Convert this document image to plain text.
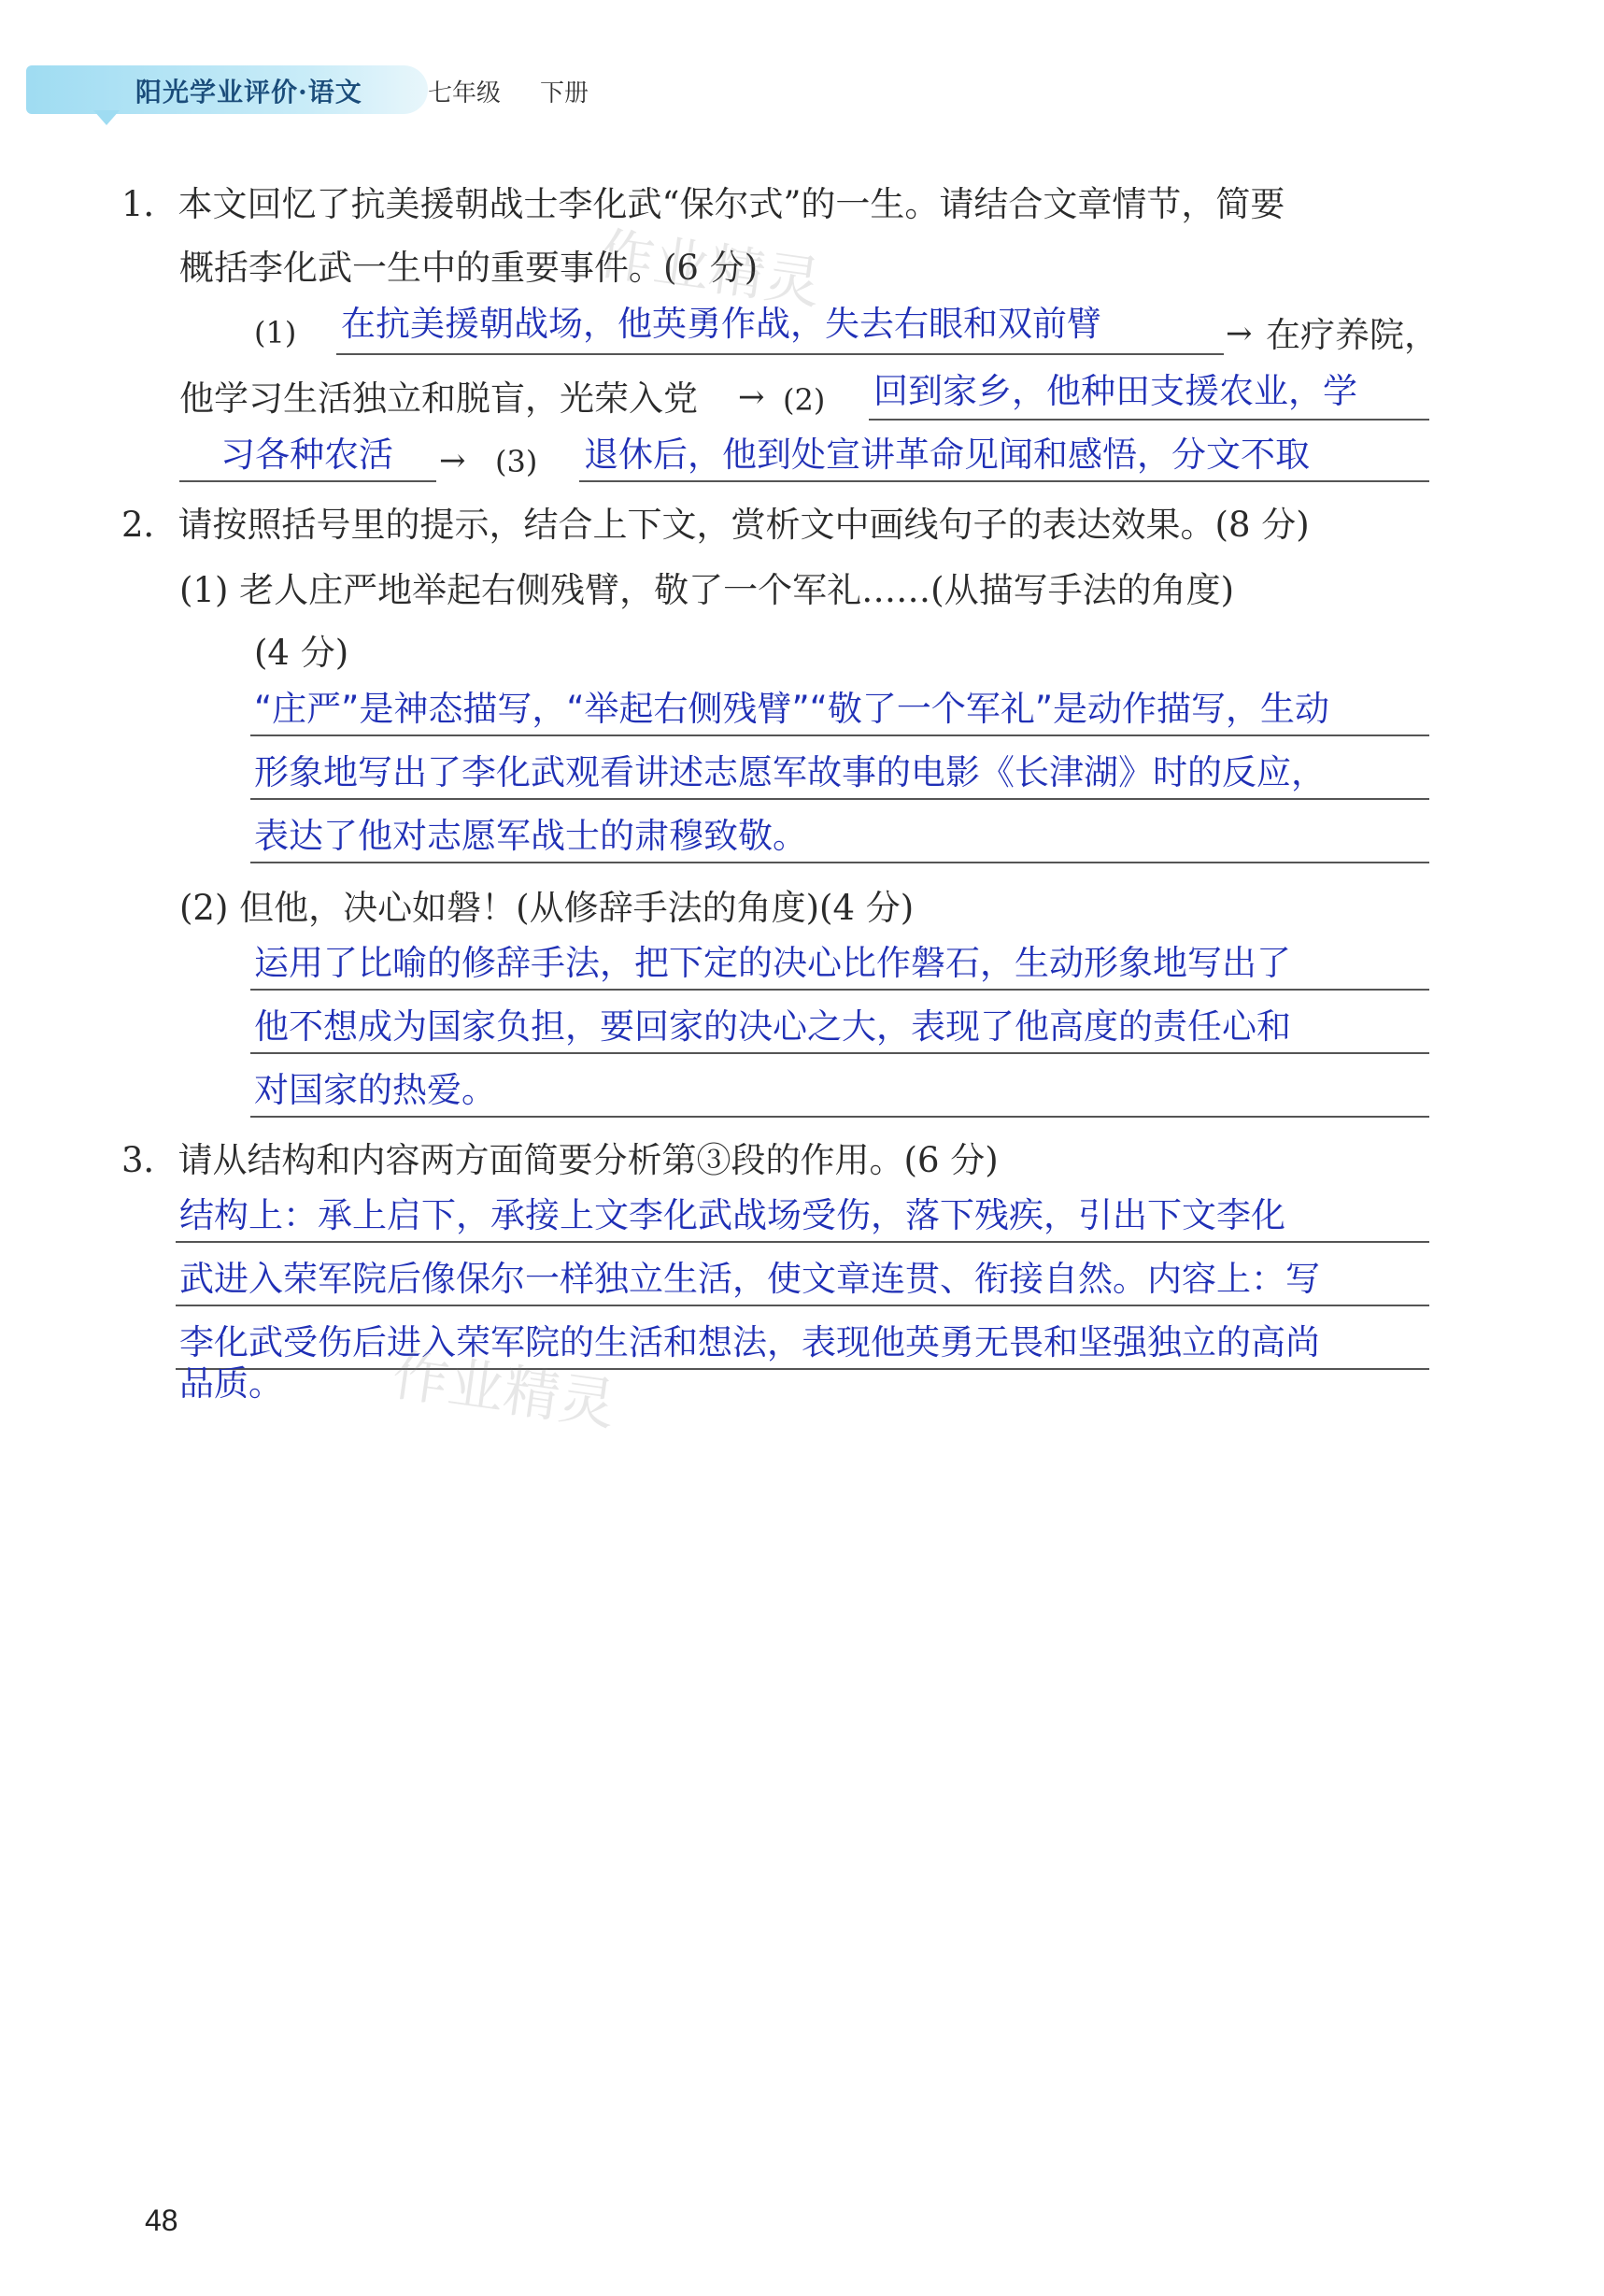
阳光学业评价·语文	七年级 下册
1．本文回忆了抗美援朝战士李化武“保尔式”的一生。请结合文章情节，简要
概括李化武一生中的重要事件。(6 分)
(1) 在抗美援朝战场，他英勇作战，失去右眼和双前臂	→ 在疗养院，
他学习生活独立和脱盲，光荣入党 → (2) 回到家乡，他种田支援农业，学
习各种农活 → (3) 退休后，他到处宣讲革命见闻和感悟，分文不取
2．请按照括号里的提示，结合上下文，赏析文中画线句子的表达效果。(8 分)
(1) 老人庄严地举起右侧残臂，敬了一个军礼……(从描写手法的角度)
(4 分)
“庄严”是神态描写，“举起右侧残臂”“敬了一个军礼”是动作描写，生动
形象地写出了李化武观看讲述志愿军故事的电影《长津湖》时的反应，
表达了他对志愿军战士的肃穆致敬。
(2) 但他，决心如磐！(从修辞手法的角度)(4 分)
运用了比喻的修辞手法，把下定的决心比作磐石，生动形象地写出了
他不想成为国家负担，要回家的决心之大，表现了他高度的责任心和
对国家的热爱。
3．请从结构和内容两方面简要分析第③段的作用。(6 分)
结构上：承上启下，承接上文李化武战场受伤，落下残疾，引出下文李化
武进入荣军院后像保尔一样独立生活，使文章连贯、衔接自然。内容上：写
李化武受伤后进入荣军院的生活和想法，表现他英勇无畏和坚强独立的高尚
品质。
作业精灵
作业精灵
48
